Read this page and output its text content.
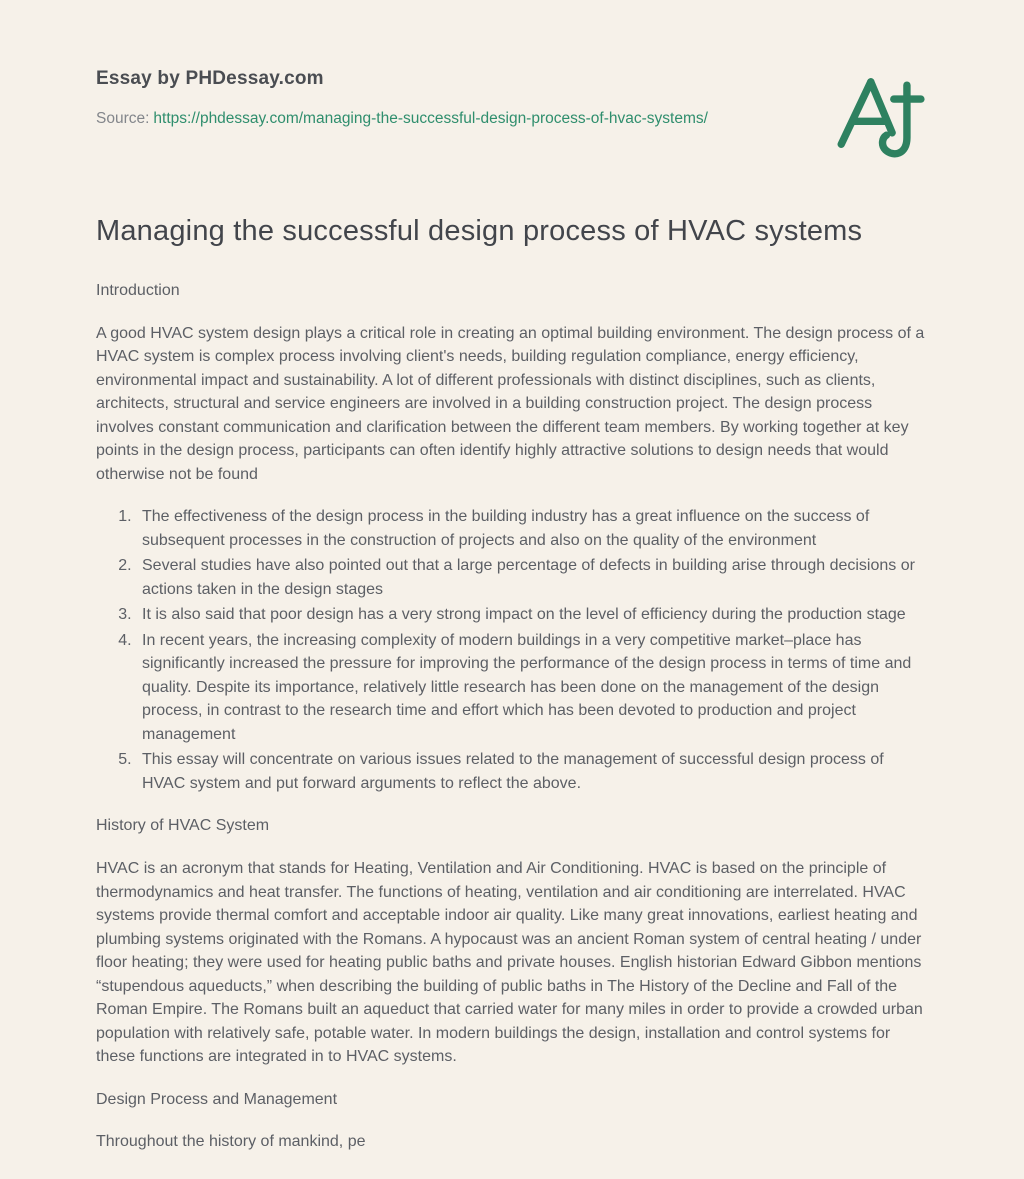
Essay by PHDessay.com
Source: https://phdessay.com/managing-the-successful-design-process-of-hvac-systems/
Managing the successful design process of HVAC systems

Introduction

A good HVAC system design plays a critical role in creating an optimal building environment. The design process of a HVAC system is complex process involving client's needs, building regulation compliance, energy efficiency, environmental impact and sustainability. A lot of different professionals with distinct disciplines, such as clients, architects, structural and service engineers are involved in a building construction project. The design process involves constant communication and clarification between the different team members. By working together at key points in the design process, participants can often identify highly attractive solutions to design needs that would otherwise not be found

1. The effectiveness of the design process in the building industry has a great influence on the success of subsequent processes in the construction of projects and also on the quality of the environment
2. Several studies have also pointed out that a large percentage of defects in building arise through decisions or actions taken in the design stages
3. It is also said that poor design has a very strong impact on the level of efficiency during the production stage
4. In recent years, the increasing complexity of modern buildings in a very competitive market–place has significantly increased the pressure for improving the performance of the design process in terms of time and quality. Despite its importance, relatively little research has been done on the management of the design process, in contrast to the research time and effort which has been devoted to production and project management
5. This essay will concentrate on various issues related to the management of successful design process of HVAC system and put forward arguments to reflect the above.

History of HVAC System

HVAC is an acronym that stands for Heating, Ventilation and Air Conditioning. HVAC is based on the principle of thermodynamics and heat transfer. The functions of heating, ventilation and air conditioning are interrelated. HVAC systems provide thermal comfort and acceptable indoor air quality. Like many great innovations, earliest heating and plumbing systems originated with the Romans. A hypocaust was an ancient Roman system of central heating / under floor heating; they were used for heating public baths and private houses. English historian Edward Gibbon mentions “stupendous aqueducts,” when describing the building of public baths in The History of the Decline and Fall of the Roman Empire. The Romans built an aqueduct that carried water for many miles in order to provide a crowded urban population with relatively safe, potable water. In modern buildings the design, installation and control systems for these functions are integrated in to HVAC systems.

Design Process and Management

Throughout the history of mankind, pe
